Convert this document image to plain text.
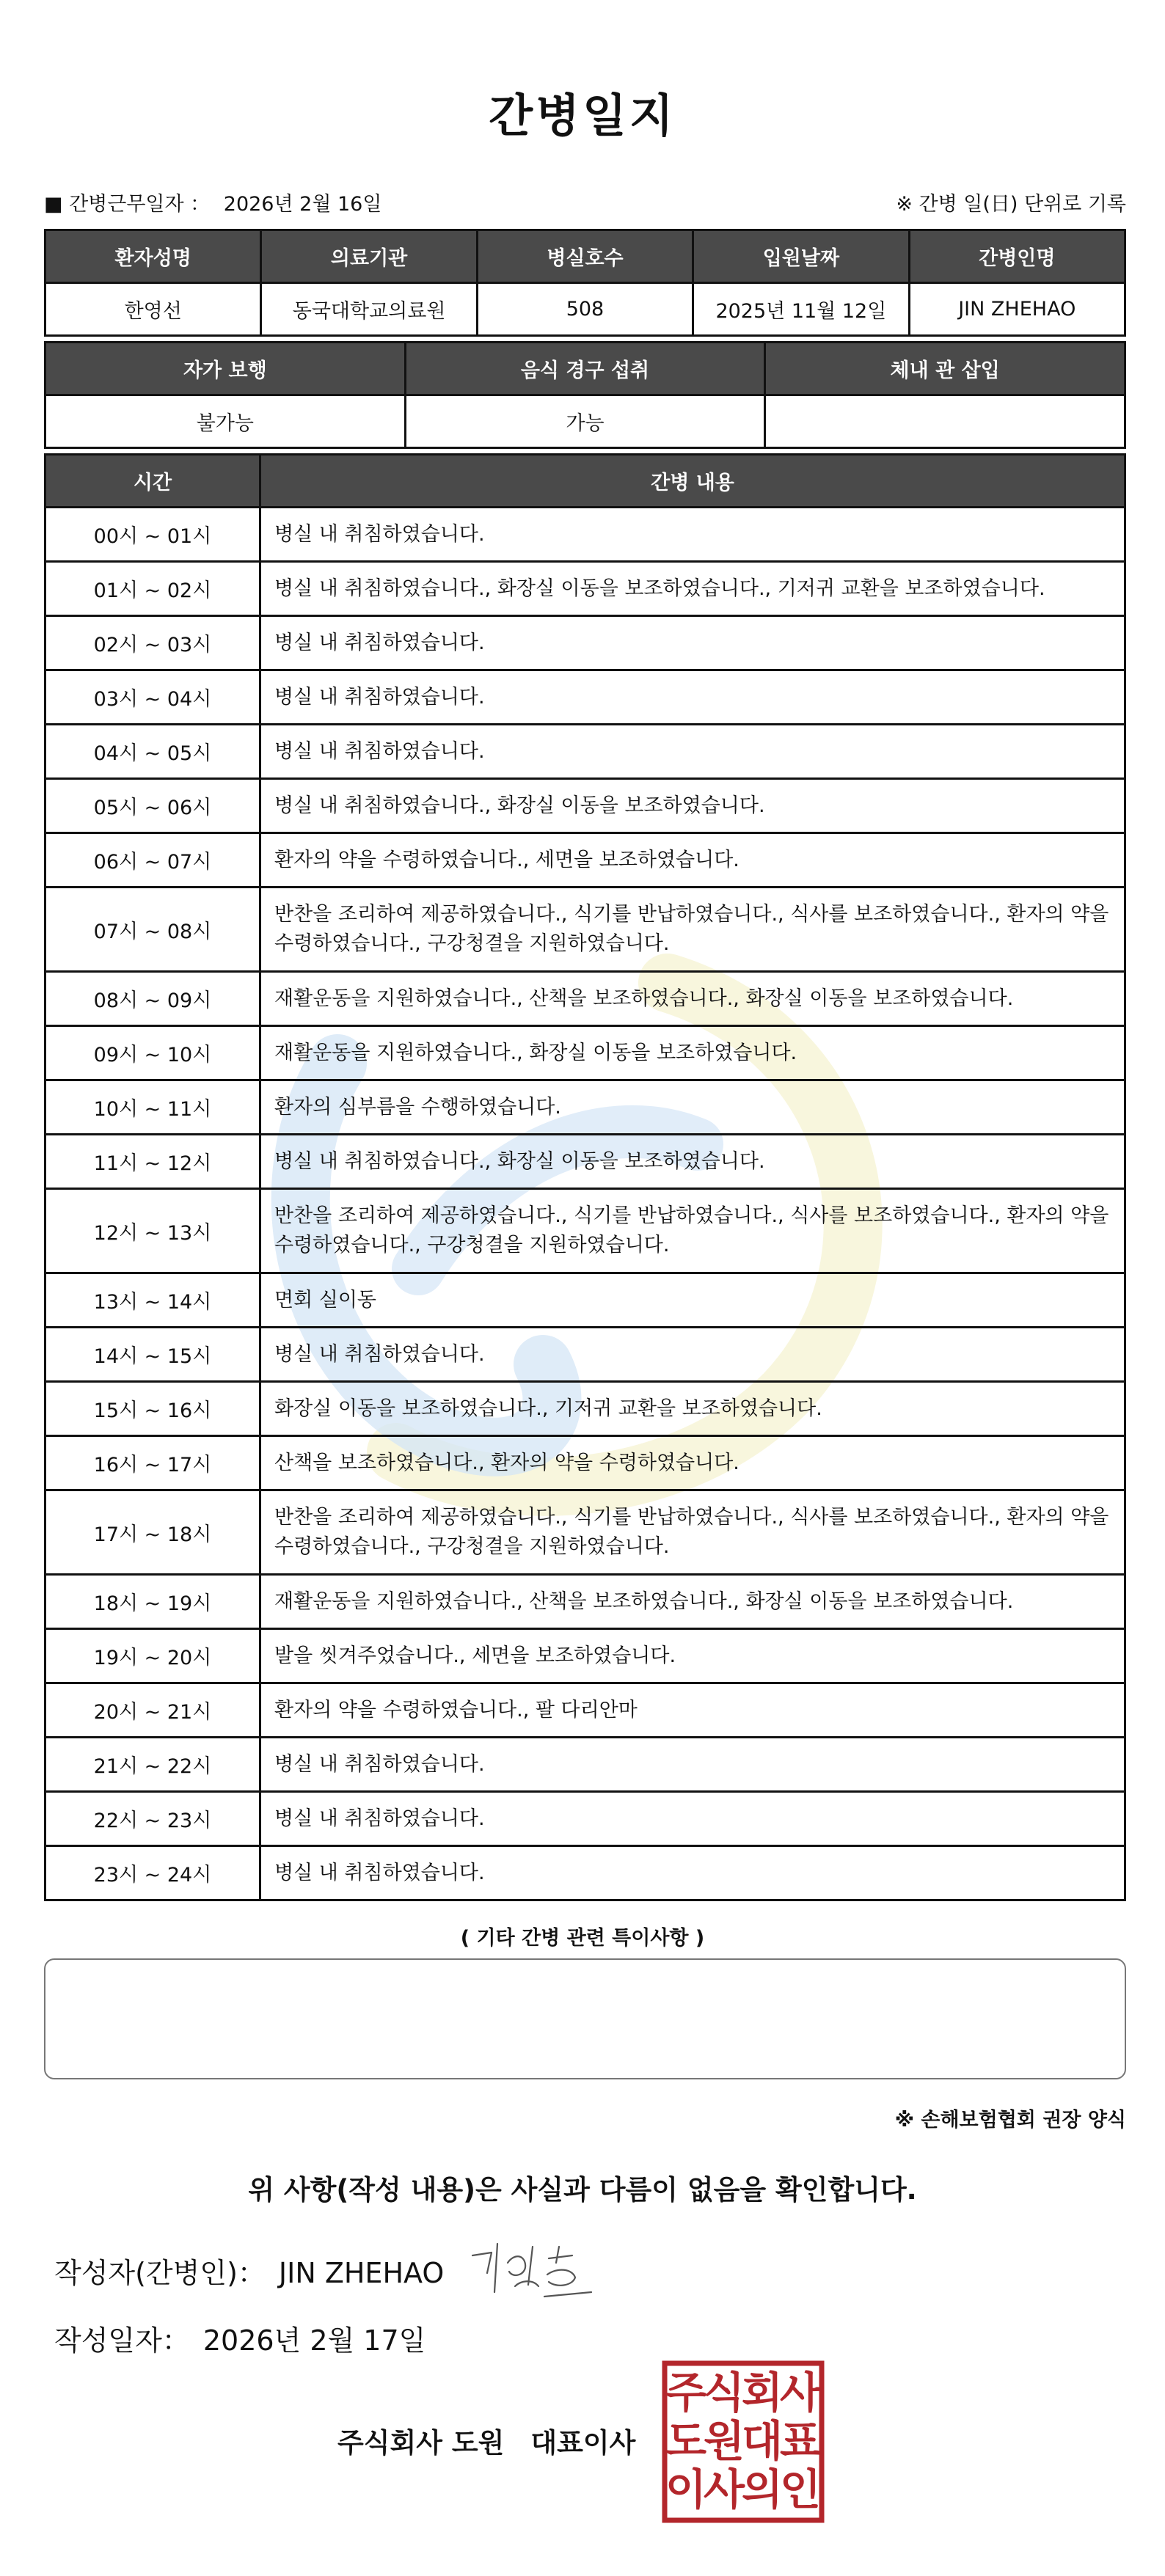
간병일지
■ 간병근무일자 ： 2026년 2월 16일	※ 간병 일(日) 단위로 기록
환자성명	의료기관	병실호수	입원날짜	간병인명
한영선	동국대학교의료원	508	2025년 11월 12일	JIN ZHEHAO
자가 보행	음식 경구 섭취	체내 관 삽입
불가능	가능	
시간	간병 내용
00시 ~ 01시	병실 내 취침하였습니다.
01시 ~ 02시	병실 내 취침하였습니다., 화장실 이동을 보조하였습니다., 기저귀 교환을 보조하였습니다.
02시 ~ 03시	병실 내 취침하였습니다.
03시 ~ 04시	병실 내 취침하였습니다.
04시 ~ 05시	병실 내 취침하였습니다.
05시 ~ 06시	병실 내 취침하였습니다., 화장실 이동을 보조하였습니다.
06시 ~ 07시	환자의 약을 수령하였습니다., 세면을 보조하였습니다.
07시 ~ 08시	반찬을 조리하여 제공하였습니다., 식기를 반납하였습니다., 식사를 보조하였습니다., 환자의 약을 수령하였습니다., 구강청결을 지원하였습니다.
08시 ~ 09시	재활운동을 지원하였습니다., 산책을 보조하였습니다., 화장실 이동을 보조하였습니다.
09시 ~ 10시	재활운동을 지원하였습니다., 화장실 이동을 보조하였습니다.
10시 ~ 11시	환자의 심부름을 수행하였습니다.
11시 ~ 12시	병실 내 취침하였습니다., 화장실 이동을 보조하였습니다.
12시 ~ 13시	반찬을 조리하여 제공하였습니다., 식기를 반납하였습니다., 식사를 보조하였습니다., 환자의 약을 수령하였습니다., 구강청결을 지원하였습니다.
13시 ~ 14시	면회 실이동
14시 ~ 15시	병실 내 취침하였습니다.
15시 ~ 16시	화장실 이동을 보조하였습니다., 기저귀 교환을 보조하였습니다.
16시 ~ 17시	산책을 보조하였습니다., 환자의 약을 수령하였습니다.
17시 ~ 18시	반찬을 조리하여 제공하였습니다., 식기를 반납하였습니다., 식사를 보조하였습니다., 환자의 약을 수령하였습니다., 구강청결을 지원하였습니다.
18시 ~ 19시	재활운동을 지원하였습니다., 산책을 보조하였습니다., 화장실 이동을 보조하였습니다.
19시 ~ 20시	발을 씻겨주었습니다., 세면을 보조하였습니다.
20시 ~ 21시	환자의 약을 수령하였습니다., 팔 다리안마
21시 ~ 22시	병실 내 취침하였습니다.
22시 ~ 23시	병실 내 취침하였습니다.
23시 ~ 24시	병실 내 취침하였습니다.
( 기타 간병 관련 특이사항 )
※ 손해보험협회 권장 양식
위 사항(작성 내용)은 사실과 다름이 없음을 확인합니다.
작성자(간병인)： JIN ZHEHAO
작성일자： 2026년 2월 17일
주식회사 도원 대표이사
주
식
회
사
도
원
대
표
이
사
의
인
